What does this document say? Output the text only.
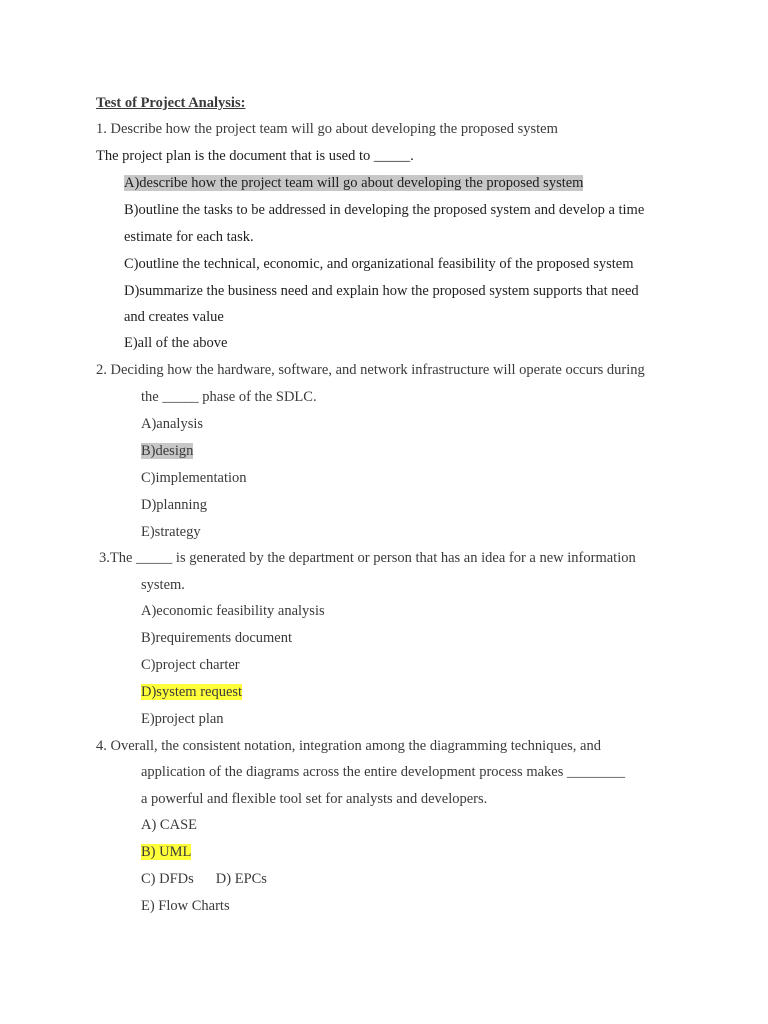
Test of Project Analysis:
1. Describe how the project team will go about developing the proposed system
The project plan is the document that is used to _____.
A)describe how the project team will go about developing the proposed system
B)outline the tasks to be addressed in developing the proposed system and develop a time
estimate for each task.
C)outline the technical, economic, and organizational feasibility of the proposed system
D)summarize the business need and explain how the proposed system supports that need
and creates value
E)all of the above
2. Deciding how the hardware, software, and network infrastructure will operate occurs during
the _____ phase of the SDLC.
A)analysis
B)design
C)implementation
D)planning
E)strategy
3.The _____ is generated by the department or person that has an idea for a new information
system.
A)economic feasibility analysis
B)requirements document
C)project charter
D)system request
E)project plan
4. Overall, the consistent notation, integration among the diagramming techniques, and
application of the diagrams across the entire development process makes ________
a powerful and flexible tool set for analysts and developers.
A) CASE
B) UML
C) DFDs D) EPCs
E) Flow Charts
